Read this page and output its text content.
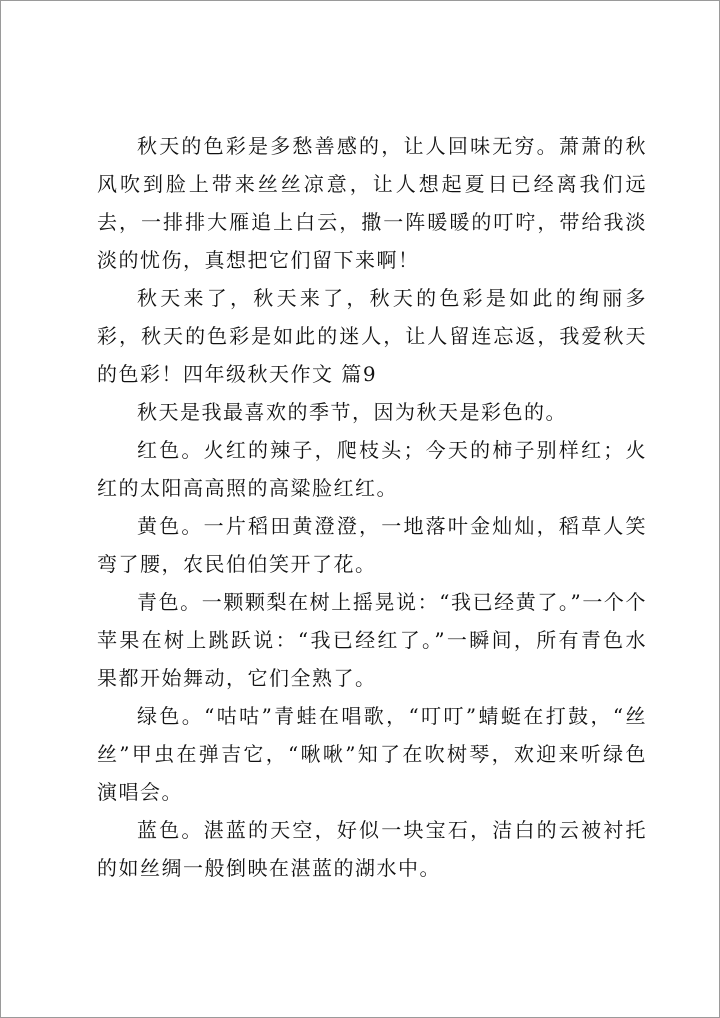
秋天的色彩是多愁善感的，让人回味无穷。萧萧的秋风吹到脸上带来丝丝凉意，让人想起夏日已经离我们远去，一排排大雁追上白云，撒一阵暖暖的叮咛，带给我淡淡的忧伤，真想把它们留下来啊！

秋天来了，秋天来了，秋天的色彩是如此的绚丽多彩，秋天的色彩是如此的迷人，让人留连忘返，我爱秋天的色彩！四年级秋天作文 篇9

秋天是我最喜欢的季节，因为秋天是彩色的。

红色。火红的辣子，爬枝头；今天的柿子别样红；火红的太阳高高照的高粱脸红红。

黄色。一片稻田黄澄澄，一地落叶金灿灿，稻草人笑弯了腰，农民伯伯笑开了花。

青色。一颗颗梨在树上摇晃说：“我已经黄了。”一个个苹果在树上跳跃说：“我已经红了。”一瞬间，所有青色水果都开始舞动，它们全熟了。

绿色。“咕咕”青蛙在唱歌，“叮叮”蜻蜓在打鼓，“丝丝”甲虫在弹吉它，“啾啾”知了在吹树琴，欢迎来听绿色演唱会。

蓝色。湛蓝的天空，好似一块宝石，洁白的云被衬托的如丝绸一般倒映在湛蓝的湖水中。
